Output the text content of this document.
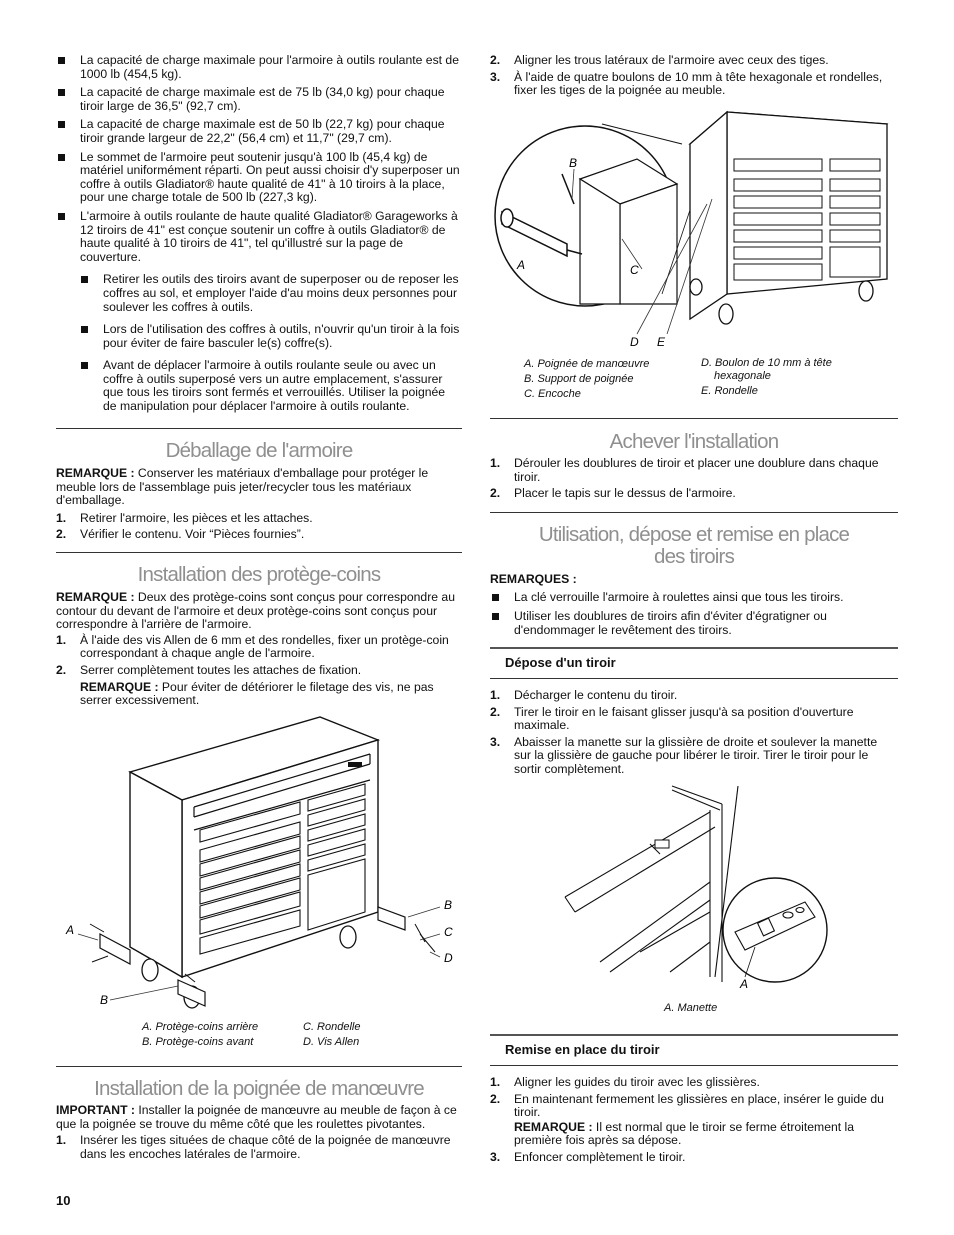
La capacité de charge maximale pour l'armoire à outils roulante est de 1000 lb (454,5 kg).
La capacité de charge maximale est de 75 lb (34,0 kg) pour chaque tiroir large de 36,5" (92,7 cm).
La capacité de charge maximale est de 50 lb (22,7 kg) pour chaque tiroir grande largeur de 22,2" (56,4 cm) et 11,7" (29,7 cm).
Le sommet de l'armoire peut soutenir jusqu'à 100 lb (45,4 kg) de matériel uniformément réparti. On peut aussi choisir d'y superposer un coffre à outils Gladiator® haute qualité de 41" à 10 tiroirs à la place, pour une charge totale de 500 lb (227,3 kg).
L'armoire à outils roulante de haute qualité Gladiator® Garageworks à 12 tiroirs de 41" est conçue soutenir un coffre à outils Gladiator® de haute qualité à 10 tiroirs de 41", tel qu'illustré sur la page de couverture.
Retirer les outils des tiroirs avant de superposer ou de reposer les coffres au sol, et employer l'aide d'au moins deux personnes pour soulever les coffres à outils.
Lors de l'utilisation des coffres à outils, n'ouvrir qu'un tiroir à la fois pour éviter de faire basculer le(s) coffre(s).
Avant de déplacer l'armoire à outils roulante seule ou avec un coffre à outils superposé vers un autre emplacement, s'assurer que tous les tiroirs sont fermés et verrouillés. Utiliser la poignée de manipulation pour déplacer l'armoire à outils roulante.
Déballage de l'armoire
REMARQUE : Conserver les matériaux d'emballage pour protéger le meuble lors de l'assemblage puis jeter/recycler tous les matériaux d'emballage.
1. Retirer l'armoire, les pièces et les attaches.
2. Vérifier le contenu. Voir “Pièces fournies”.
Installation des protège-coins
REMARQUE : Deux des protège-coins sont conçus pour correspondre au contour du devant de l'armoire et deux protège-coins sont conçus pour correspondre à l'arrière de l'armoire.
1. À l'aide des vis Allen de 6 mm et des rondelles, fixer un protège-coin correspondant à chaque angle de l'armoire.
2. Serrer complètement toutes les attaches de fixation.
REMARQUE : Pour éviter de détériorer le filetage des vis, ne pas serrer excessivement.
A
B
B
C
D
A. Protège-coins arrière
B. Protège-coins avant
C. Rondelle
D. Vis Allen
Installation de la poignée de manœuvre
IMPORTANT : Installer la poignée de manœuvre au meuble de façon à ce que la poignée se trouve du même côté que les roulettes pivotantes.
1. Insérer les tiges situées de chaque côté de la poignée de manœuvre dans les encoches latérales de l'armoire.
10
2. Aligner les trous latéraux de l'armoire avec ceux des tiges.
3. À l'aide de quatre boulons de 10 mm à tête hexagonale et rondelles, fixer les tiges de la poignée au meuble.
B
A	C
D E
A. Poignée de manœuvre
B. Support de poignée
C. Encoche
D. Boulon de 10 mm à tête
hexagonale
E. Rondelle
Achever l'installation
1. Dérouler les doublures de tiroir et placer une doublure dans chaque tiroir.
2. Placer le tapis sur le dessus de l'armoire.
Utilisation, dépose et remise en place
des tiroirs
REMARQUES :
La clé verrouille l'armoire à roulettes ainsi que tous les tiroirs.
Utiliser les doublures de tiroirs afin d'éviter d'égratigner ou d'endommager le revêtement des tiroirs.
Dépose d'un tiroir
1. Décharger le contenu du tiroir.
2. Tirer le tiroir en le faisant glisser jusqu'à sa position d'ouverture maximale.
3. Abaisser la manette sur la glissière de droite et soulever la manette sur la glissière de gauche pour libérer le tiroir. Tirer le tiroir pour le sortir complètement.
A
A. Manette
Remise en place du tiroir
1. Aligner les guides du tiroir avec les glissières.
2. En maintenant fermement les glissières en place, insérer le guide du tiroir.
REMARQUE : Il est normal que le tiroir se ferme étroitement la première fois après sa dépose.
3. Enfoncer complètement le tiroir.
